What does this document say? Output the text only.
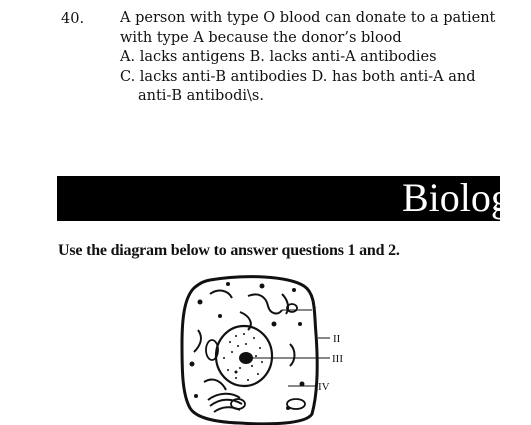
40. A person with type O blood can donate to a patient
with type A because the donor’s blood
A. lacks antigens B. lacks anti-A antibodies
C. lacks anti-B antibodies D. has both anti-A and
anti-B antibodi\s.
Biology
Use the diagram below to answer questions 1 and 2.
I
II
III
IV
